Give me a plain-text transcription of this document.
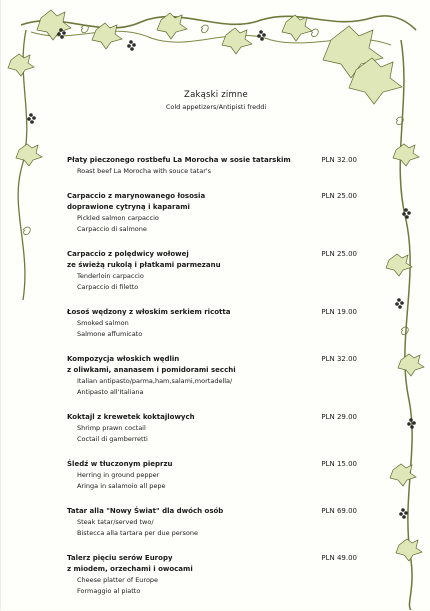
Zakąski zimne
Cold appetizers/Antipisti freddi
Płaty pieczonego rostbefu La Morocha w sosie tatarskim
Roast beef La Morocha with souce tatar's
PLN 32.00
Carpaccio z marynowanego łososia
doprawione cytryną i kaparami
Pickled salmon carpaccio
Carpaccio di salmone
PLN 25.00
Carpaccio z polędwicy wołowej
ze świeżą rukolą i płatkami parmezanu
Tenderloin carpaccio
Carpaccio di filetto
PLN 25.00
Łosoś wędzony z włoskim serkiem ricotta
Smoked salmon
Salmone affumicato
PLN 19.00
Kompozycja włoskich wędlin
z oliwkami, ananasem i pomidorami secchi
Italian antipasto/parma,ham,salami,mortadella/
Antipasto all'Italiana
PLN 32.00
Koktajl z krewetek koktajlowych
Shrimp prawn coctail
Coctail di gamberretti
PLN 29.00
Śledź w tłuczonym pieprzu
Herring in ground pepper
Aringa in salamoio all pepe
PLN 15.00
Tatar alla "Nowy Świat" dla dwóch osób
Steak tatar/served two/
Bistecca alla tartara per due persone
PLN 69.00
Talerz pięciu serów Europy
z miodem, orzechami i owocami
Cheese platter of Europe
Formaggio al piatto
PLN 49.00
